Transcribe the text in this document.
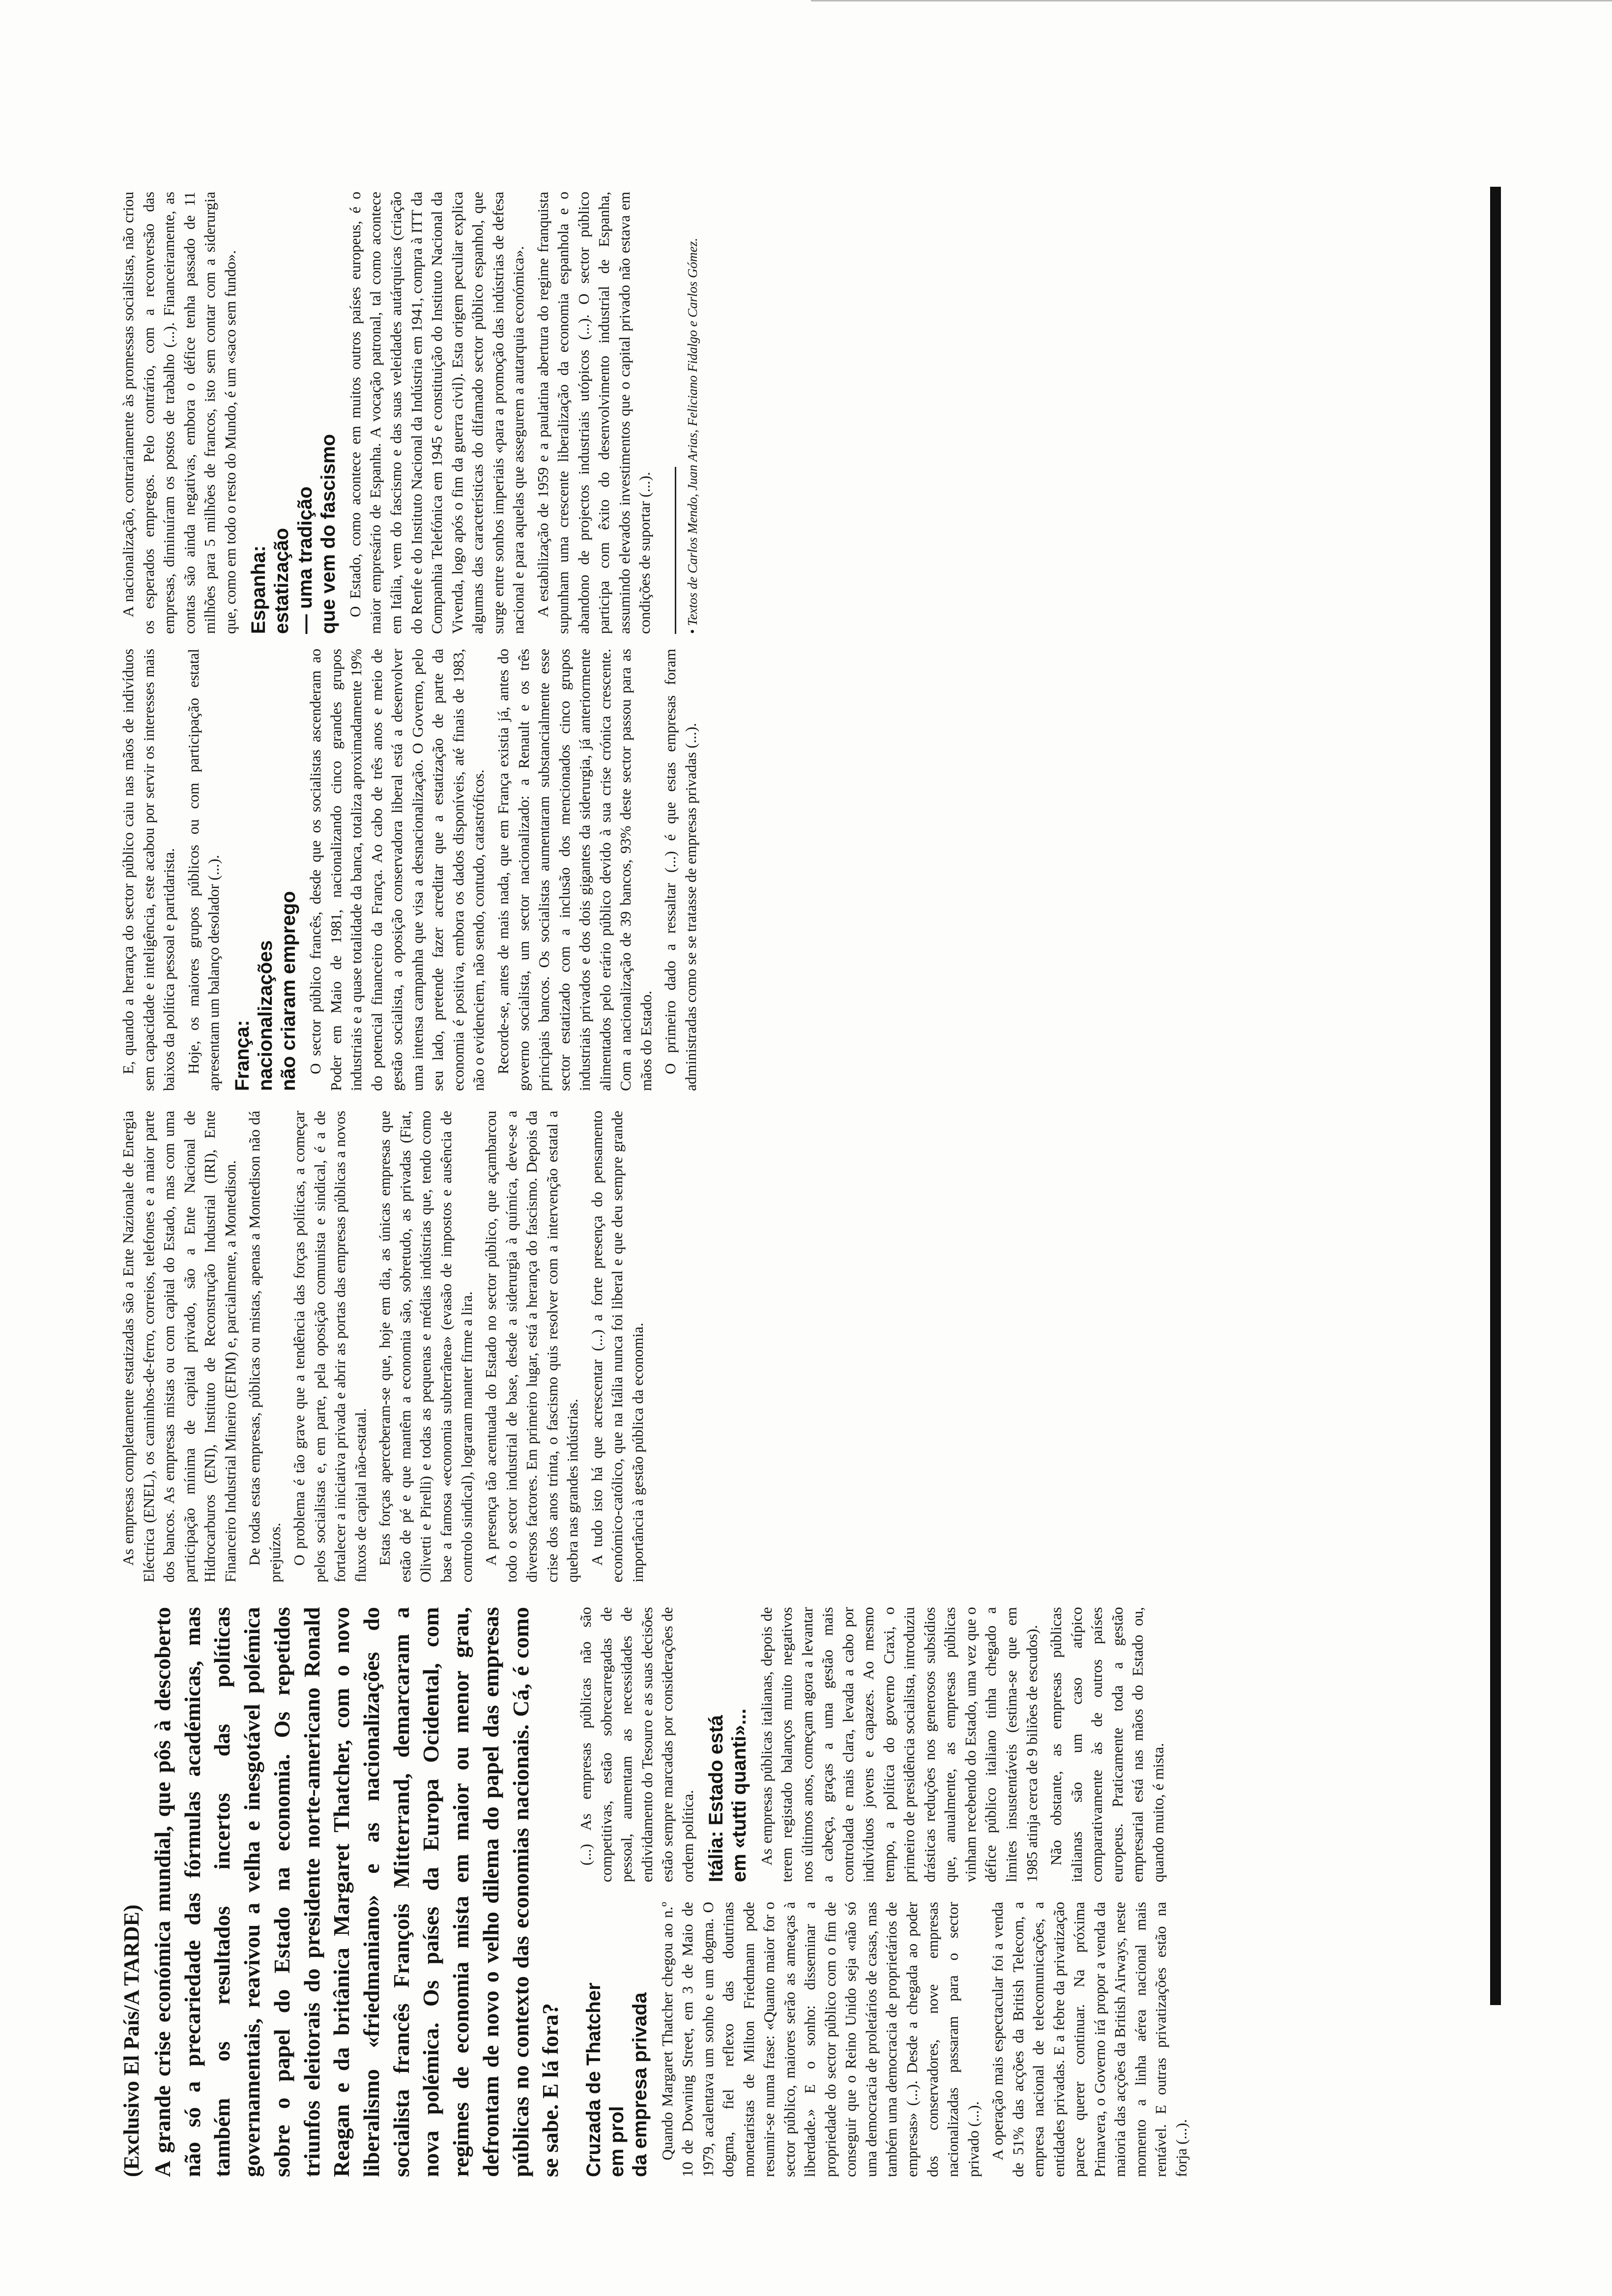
(Exclusivo El País/A TARDE) A grande crise económica mundial, que pôs à descoberto não só a precariedade das fórmulas académicas, mas também os resultados incertos das políticas governamentais, reavivou a velha e inesgotável polémica sobre o papel do Estado na economia. Os repetidos triunfos eleitorais do presidente norte-americano Ronald Reagan e da britânica Margaret Thatcher, com o novo liberalismo «friedmaniano» e as nacionalizações do socialista francês François Mitterrand, demarcaram a nova polémica. Os países da Europa Ocidental, com regimes de economia mista em maior ou menor grau, defrontam de novo o velho dilema do papel das empresas públicas no contexto das economias nacionais. Cá, é como se sabe. E lá fora? Cruzada de Thatcher
em prol
da empresa privada Quando Margaret Thatcher chegou ao n.º 10 de Downing Street, em 3 de Maio de 1979, acalentava um sonho e um dogma. O dogma, fiel reflexo das doutrinas monetaristas de Milton Friedmann pode resumir-se numa frase: «Quanto maior for o sector público, maiores serão as ameaças à liberdade.» E o sonho: disseminar a propriedade do sector público com o fim de conseguir que o Reino Unido seja «não só uma democracia de proletários de casas, mas também uma democracia de proprietários de empresas» (...). Desde a chegada ao poder dos conservadores, nove empresas nacionalizadas passaram para o sector privado (...). A operação mais espectacular foi a venda de 51% das acções da British Telecom, a empresa nacional de telecomunicações, a entidades privadas. E a febre da privatização parece querer continuar. Na próxima Primavera, o Governo irá propor a venda da maioria das acções da British Airways, neste momento a linha aérea nacional mais rentável. E outras privatizações estão na forja (...).

(...) As empresas públicas não são competitivas, estão sobrecarregadas de pessoal, aumentam as necessidades de endividamento do Tesouro e as suas decisões estão sempre marcadas por considerações de ordem política. Itália: Estado está
em «tutti quanti»... As empresas públicas italianas, depois de terem registado balanços muito negativos nos últimos anos, começam agora a levantar a cabeça, graças a uma gestão mais controlada e mais clara, levada a cabo por indivíduos jovens e capazes. Ao mesmo tempo, a política do governo Craxi, o primeiro de presidência socialista, introduziu drásticas reduções nos generosos subsídios que, anualmente, as empresas públicas vinham recebendo do Estado, uma vez que o défice público italiano tinha chegado a limites insustentáveis (estima-se que em 1985 atinja cerca de 9 biliões de escudos). Não obstante, as empresas públicas italianas são um caso atípico comparativamente às de outros países europeus. Praticamente toda a gestão empresarial está nas mãos do Estado ou, quando muito, é mista.

As empresas completamente estatizadas são a Ente Nazionale de Energia Eléctrica (ENEL), os caminhos-de-ferro, correios, telefones e a maior parte dos bancos. As empresas mistas ou com capital do Estado, mas com uma participação mínima de capital privado, são a Ente Nacional de Hidrocarburos (ENI), Instituto de Reconstrução Industrial (IRI), Ente Financeiro Industrial Mineiro (EFIM) e, parcialmente, a Montedison. De todas estas empresas, públicas ou mistas, apenas a Montedison não dá prejuízos. O problema é tão grave que a tendência das forças políticas, a começar pelos socialistas e, em parte, pela oposição comunista e sindical, é a de fortalecer a iniciativa privada e abrir as portas das empresas públicas a novos fluxos de capital não-estatal. Estas forças aperceberam-se que, hoje em dia, as únicas empresas que estão de pé e que mantêm a economia são, sobretudo, as privadas (Fiat, Olivetti e Pirelli) e todas as pequenas e médias indústrias que, tendo como base a famosa «economia subterrânea» (evasão de impostos e ausência de controlo sindical), lograram manter firme a lira. A presença tão acentuada do Estado no sector público, que açambarcou todo o sector industrial de base, desde a siderurgia à química, deve-se a diversos factores. Em primeiro lugar, está a herança do fascismo. Depois da crise dos anos trinta, o fascismo quis resolver com a intervenção estatal a quebra nas grandes indústrias. A tudo isto há que acrescentar (...) a forte presença do pensamento económico-católico, que na Itália nunca foi liberal e que deu sempre grande importância à gestão pública da economia.

E, quando a herança do sector público caiu nas mãos de indivíduos sem capacidade e inteligência, este acabou por servir os interesses mais baixos da política pessoal e partidarista. Hoje, os maiores grupos públicos ou com participação estatal apresentam um balanço desolador (...). França:
nacionalizações
não criaram emprego O sector público francês, desde que os socialistas ascenderam ao Poder em Maio de 1981, nacionalizando cinco grandes grupos industriais e a quase totalidade da banca, totaliza aproximadamente 19% do potencial financeiro da França. Ao cabo de três anos e meio de gestão socialista, a oposição conservadora liberal está a desenvolver uma intensa campanha que visa a desnacionalização. O Governo, pelo seu lado, pretende fazer acreditar que a estatização de parte da economia é positiva, embora os dados disponíveis, até finais de 1983, não o evidenciem, não sendo, contudo, catastróficos. Recorde-se, antes de mais nada, que em França existia já, antes do governo socialista, um sector nacionalizado: a Renault e os três principais bancos. Os socialistas aumentaram substancialmente esse sector estatizado com a inclusão dos mencionados cinco grupos industriais privados e dos dois gigantes da siderurgia, já anteriormente alimentados pelo erário público devido à sua crise crónica crescente. Com a nacionalização de 39 bancos, 93% deste sector passou para as mãos do Estado. O primeiro dado a ressaltar (...) é que estas empresas foram administradas como se se tratasse de empresas privadas (...).

A nacionalização, contrariamente às promessas socialistas, não criou os esperados empregos. Pelo contrário, com a reconversão das empresas, diminuíram os postos de trabalho (...). Financeiramente, as contas são ainda negativas, embora o défice tenha passado de 11 milhões para 5 milhões de francos, isto sem contar com a siderurgia que, como em todo o resto do Mundo, é um «saco sem fundo». Espanha:
estatização
— uma tradição
que vem do fascismo O Estado, como acontece em muitos outros países europeus, é o maior empresário de Espanha. A vocação patronal, tal como acontece em Itália, vem do fascismo e das suas veleidades autárquicas (criação do Renfe e do Instituto Nacional da Indústria em 1941, compra à ITT da Companhia Telefónica em 1945 e constituição do Instituto Nacional da Vivenda, logo após o fim da guerra civil). Esta origem peculiar explica algumas das características do difamado sector público espanhol, que surge entre sonhos imperiais «para a promoção das indústrias de defesa nacional e para aquelas que assegurem a autarquia económica». A estabilização de 1959 e a paulatina abertura do regime franquista supunham uma crescente liberalização da economia espanhola e o abandono de projectos industriais utópicos (...). O sector público participa com êxito do desenvolvimento industrial de Espanha, assumindo elevados investimentos que o capital privado não estava em condições de suportar (...). • Textos de Carlos Mendo, Juan Arias, Feliciano Fidalgo e Carlos Gómez.
